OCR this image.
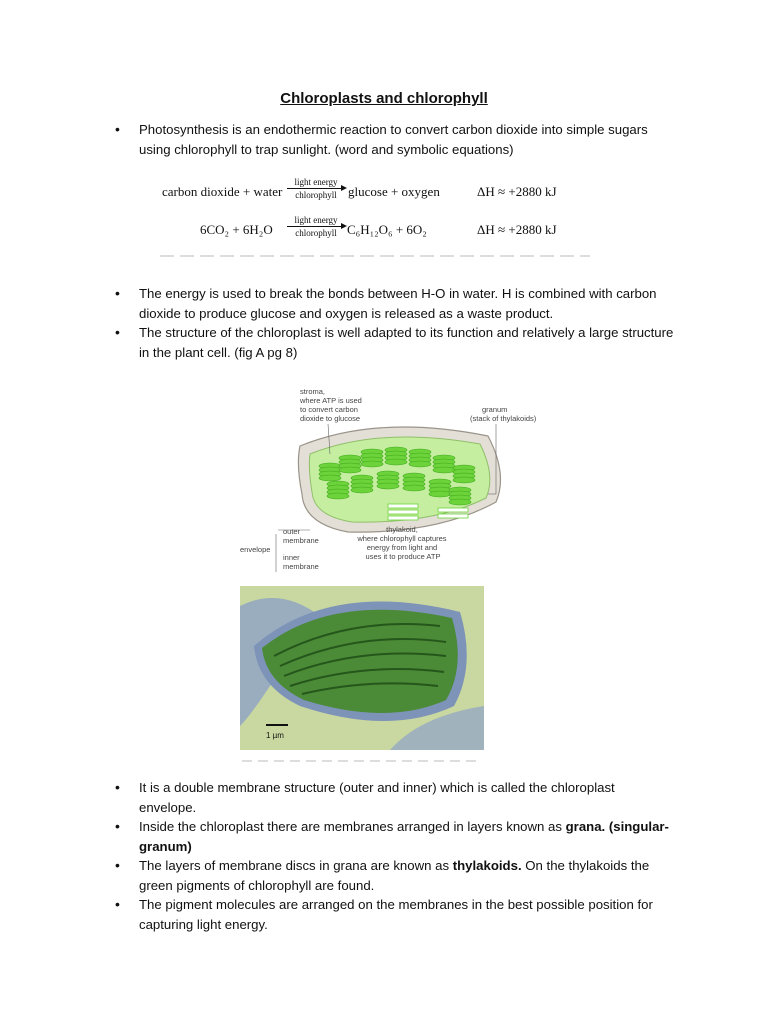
Chloroplasts and chlorophyll
• Photosynthesis is an endothermic reaction to convert carbon dioxide into simple sugars using chlorophyll to trap sunlight. (word and symbolic equations)
carbon dioxide + water
light energy
chlorophyll glucose + oxygen	ΔH ≈ +2880 kJ
6CO₂ + 6H₂O
light energy
chlorophyll C₆H₁₂O₆ + 6O₂	ΔH ≈ +2880 kJ
• The energy is used to break the bonds between H-O in water. H is combined with carbon dioxide to produce glucose and oxygen is released as a waste product.
• The structure of the chloroplast is well adapted to its function and relatively a large structure in the plant cell. (fig A pg 8)
stroma, where ATP is used to convert carbon dioxide to glucose
granum (stack of thylakoids)
envelope
outer membrane
inner membrane
thylakoid, where chlorophyll captures energy from light and uses it to produce ATP
1 µm
• It is a double membrane structure (outer and inner) which is called the chloroplast envelope.
• Inside the chloroplast there are membranes arranged in layers known as grana. (singular-granum)
• The layers of membrane discs in grana are known as thylakoids. On the thylakoids the green pigments of chlorophyll are found.
• The pigment molecules are arranged on the membranes in the best possible position for capturing light energy.
